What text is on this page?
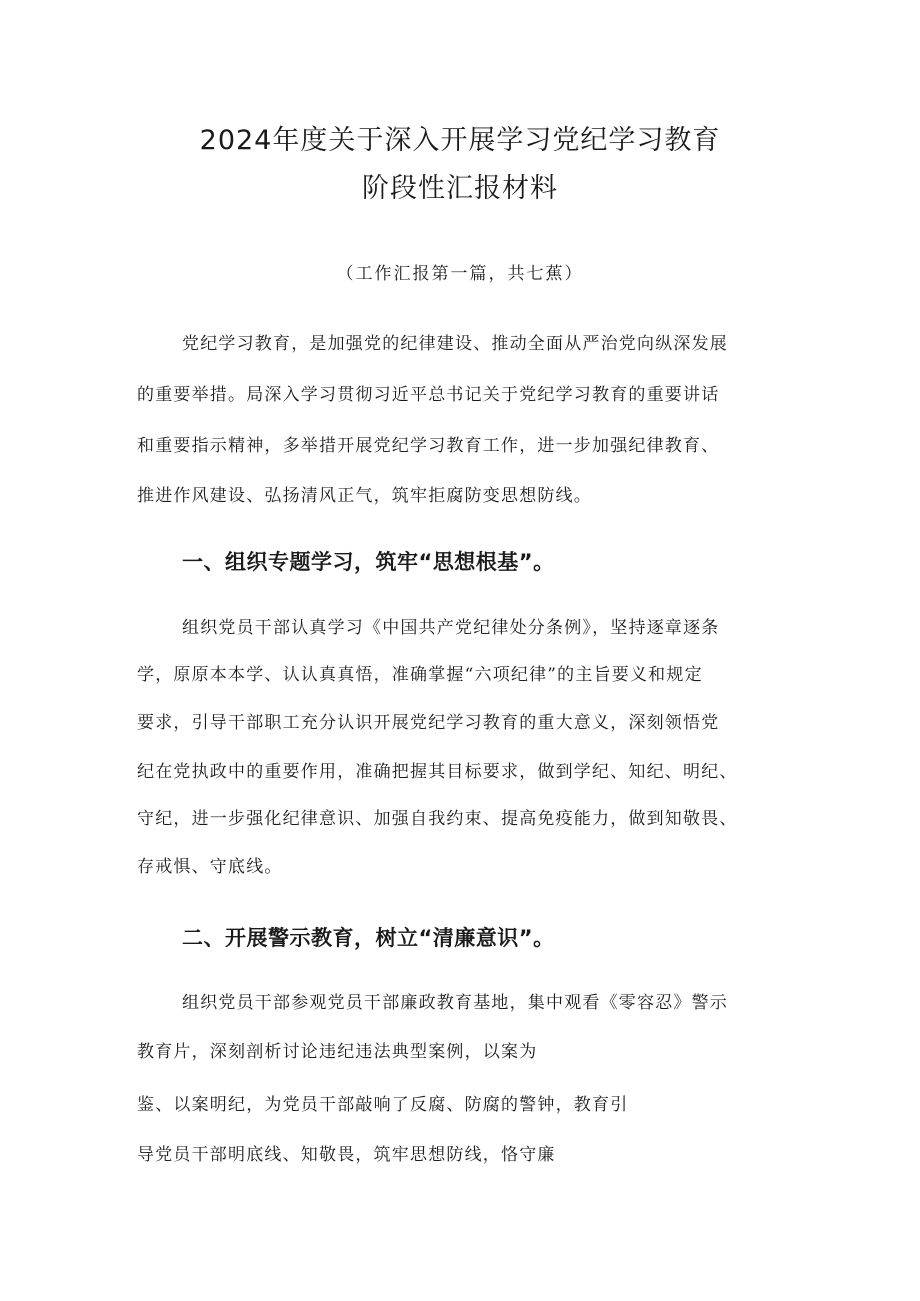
2024年度关于深入开展学习党纪学习教育
阶段性汇报材料
（工作汇报第一篇，共七蕉）
党纪学习教育，是加强党的纪律建设、推动全面从严治党向纵深发展
的重要举措。局深入学习贯彻习近平总书记关于党纪学习教育的重要讲话
和重要指示精神，多举措开展党纪学习教育工作，进一步加强纪律教育、
推进作风建设、弘扬清风正气，筑牢拒腐防变思想防线。
一、组织专题学习，筑牢“思想根基”。
组织党员干部认真学习《中国共产党纪律处分条例》，坚持逐章逐条
学，原原本本学、认认真真悟，准确掌握“六项纪律”的主旨要义和规定
要求，引导干部职工充分认识开展党纪学习教育的重大意义，深刻领悟党
纪在党执政中的重要作用，准确把握其目标要求，做到学纪、知纪、明纪、
守纪，进一步强化纪律意识、加强自我约束、提高免疫能力，做到知敬畏、
存戒惧、守底线。
二、开展警示教育，树立“清廉意识”。
组织党员干部参观党员干部廉政教育基地，集中观看《零容忍》警示
教育片，深刻剖析讨论违纪违法典型案例，以案为
鉴、以案明纪，为党员干部敲响了反腐、防腐的警钟，教育引
导党员干部明底线、知敬畏，筑牢思想防线，恪守廉
